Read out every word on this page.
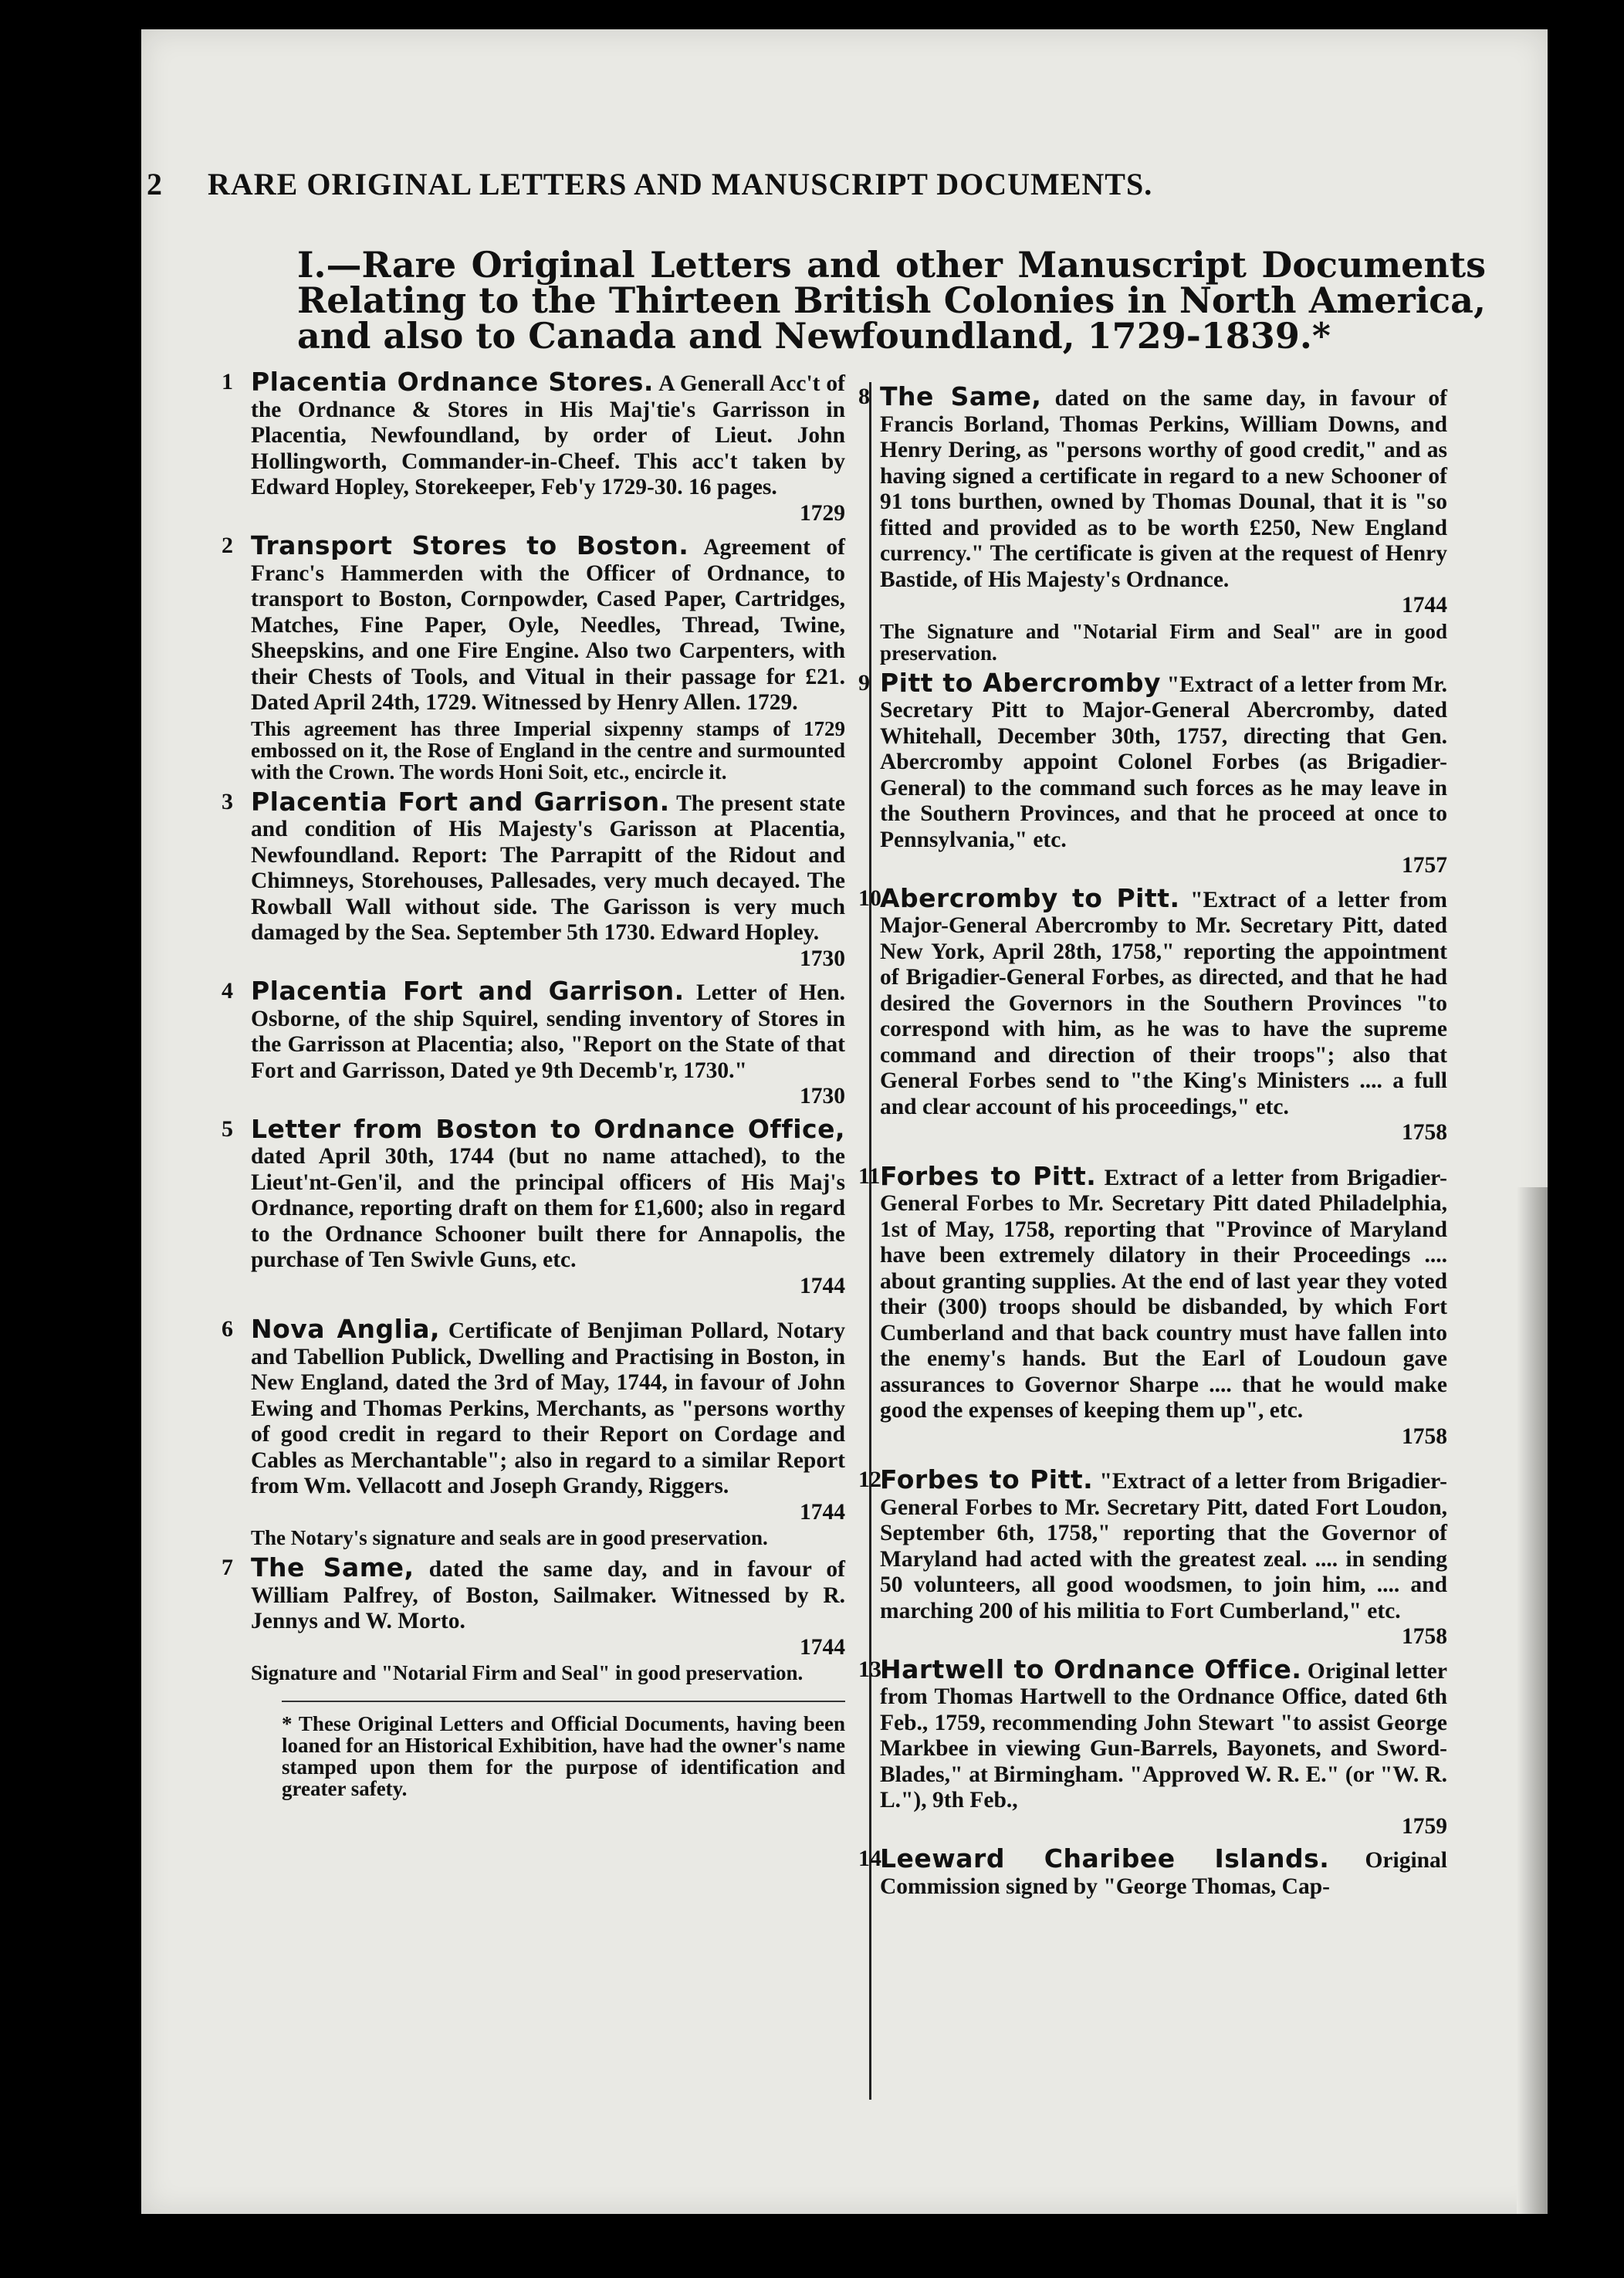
2 RARE ORIGINAL LETTERS AND MANUSCRIPT DOCUMENTS.
I.—Rare Original Letters and other Manuscript Documents Relating to the Thirteen British Colonies in North America, and also to Canada and Newfoundland, 1729-1839.*
1 Placentia Ordnance Stores. A Generall Acc't of the Ordnance & Stores in His Maj'tie's Garrisson in Placentia, Newfoundland, by order of Lieut. John Hollingworth, Commander-in-Cheef. This acc't taken by Edward Hopley, Storekeeper, Feb'y 1729-30. 16 pages.
1729
2 Transport Stores to Boston. Agreement of Franc's Hammerden with the Officer of Ordnance, to transport to Boston, Cornpowder, Cased Paper, Cartridges, Matches, Fine Paper, Oyle, Needles, Thread, Twine, Sheepskins, and one Fire Engine. Also two Carpenters, with their Chests of Tools, and Vitual in their passage for £21. Dated April 24th, 1729. Witnessed by Henry Allen. 1729.
This agreement has three Imperial sixpenny stamps of 1729 embossed on it, the Rose of England in the centre and surmounted with the Crown. The words Honi Soit, etc., encircle it.
3 Placentia Fort and Garrison. The present state and condition of His Majesty's Garisson at Placentia, Newfoundland. Report: The Parrapitt of the Ridout and Chimneys, Storehouses, Pallesades, very much decayed. The Rowball Wall without side. The Garisson is very much damaged by the Sea. September 5th 1730. Edward Hopley.
1730
4 Placentia Fort and Garrison. Letter of Hen. Osborne, of the ship Squirel, sending inventory of Stores in the Garrisson at Placentia; also, "Report on the State of that Fort and Garrisson, Dated ye 9th Decemb'r, 1730."
1730
5 Letter from Boston to Ordnance Office, dated April 30th, 1744 (but no name attached), to the Lieut'nt-Gen'il, and the principal officers of His Maj's Ordnance, reporting draft on them for £1,600; also in regard to the Ordnance Schooner built there for Annapolis, the purchase of Ten Swivle Guns, etc.
1744
6 Nova Anglia, Certificate of Benjiman Pollard, Notary and Tabellion Publick, Dwelling and Practising in Boston, in New England, dated the 3rd of May, 1744, in favour of John Ewing and Thomas Perkins, Merchants, as "persons worthy of good credit in regard to their Report on Cordage and Cables as Merchantable"; also in regard to a similar Report from Wm. Vellacott and Joseph Grandy, Riggers.
1744
The Notary's signature and seals are in good preservation.
7 The Same, dated the same day, and in favour of William Palfrey, of Boston, Sailmaker. Witnessed by R. Jennys and W. Morto.
1744
Signature and "Notarial Firm and Seal" in good preservation.
* These Original Letters and Official Documents, having been loaned for an Historical Exhibition, have had the owner's name stamped upon them for the purpose of identification and greater safety.
8 The Same, dated on the same day, in favour of Francis Borland, Thomas Perkins, William Downs, and Henry Dering, as "persons worthy of good credit," and as having signed a certificate in regard to a new Schooner of 91 tons burthen, owned by Thomas Dounal, that it is "so fitted and provided as to be worth £250, New England currency." The certificate is given at the request of Henry Bastide, of His Majesty's Ordnance.
1744
The Signature and "Notarial Firm and Seal" are in good preservation.
9 Pitt to Abercromby "Extract of a letter from Mr. Secretary Pitt to Major-General Abercromby, dated Whitehall, December 30th, 1757, directing that Gen. Abercromby appoint Colonel Forbes (as Brigadier-General) to the command such forces as he may leave in the Southern Provinces, and that he proceed at once to Pennsylvania," etc.
1757
10
Abercromby to Pitt. "Extract of a letter from Major-General Abercromby to Mr. Secretary Pitt, dated New York, April 28th, 1758," reporting the appointment of Brigadier-General Forbes, as directed, and that he had desired the Governors in the Southern Provinces "to correspond with him, as he was to have the supreme command and direction of their troops"; also that General Forbes send to "the King's Ministers .... a full and clear account of his proceedings," etc.
1758
11 Forbes to Pitt. Extract of a letter from Brigadier-General Forbes to Mr. Secretary Pitt dated Philadelphia, 1st of May, 1758, reporting that "Province of Maryland have been extremely dilatory in their Proceedings .... about granting supplies. At the end of last year they voted their (300) troops should be disbanded, by which Fort Cumberland and that back country must have fallen into the enemy's hands. But the Earl of Loudoun gave assurances to Governor Sharpe .... that he would make good the expenses of keeping them up", etc.
1758
12
Forbes to Pitt. "Extract of a letter from Brigadier-General Forbes to Mr. Secretary Pitt, dated Fort Loudon, September 6th, 1758," reporting that the Governor of Maryland had acted with the greatest zeal. .... in sending 50 volunteers, all good woodsmen, to join him, .... and marching 200 of his militia to Fort Cumberland," etc.
1758
13
Hartwell to Ordnance Office. Original letter from Thomas Hartwell to the Ordnance Office, dated 6th Feb., 1759, recommending John Stewart "to assist George Markbee in viewing Gun-Barrels, Bayonets, and Sword-Blades," at Birmingham. "Approved W. R. E." (or "W. R. L."), 9th Feb.,
1759
14
Leeward Charibee Islands. Original Commission signed by "George Thomas, Cap-
